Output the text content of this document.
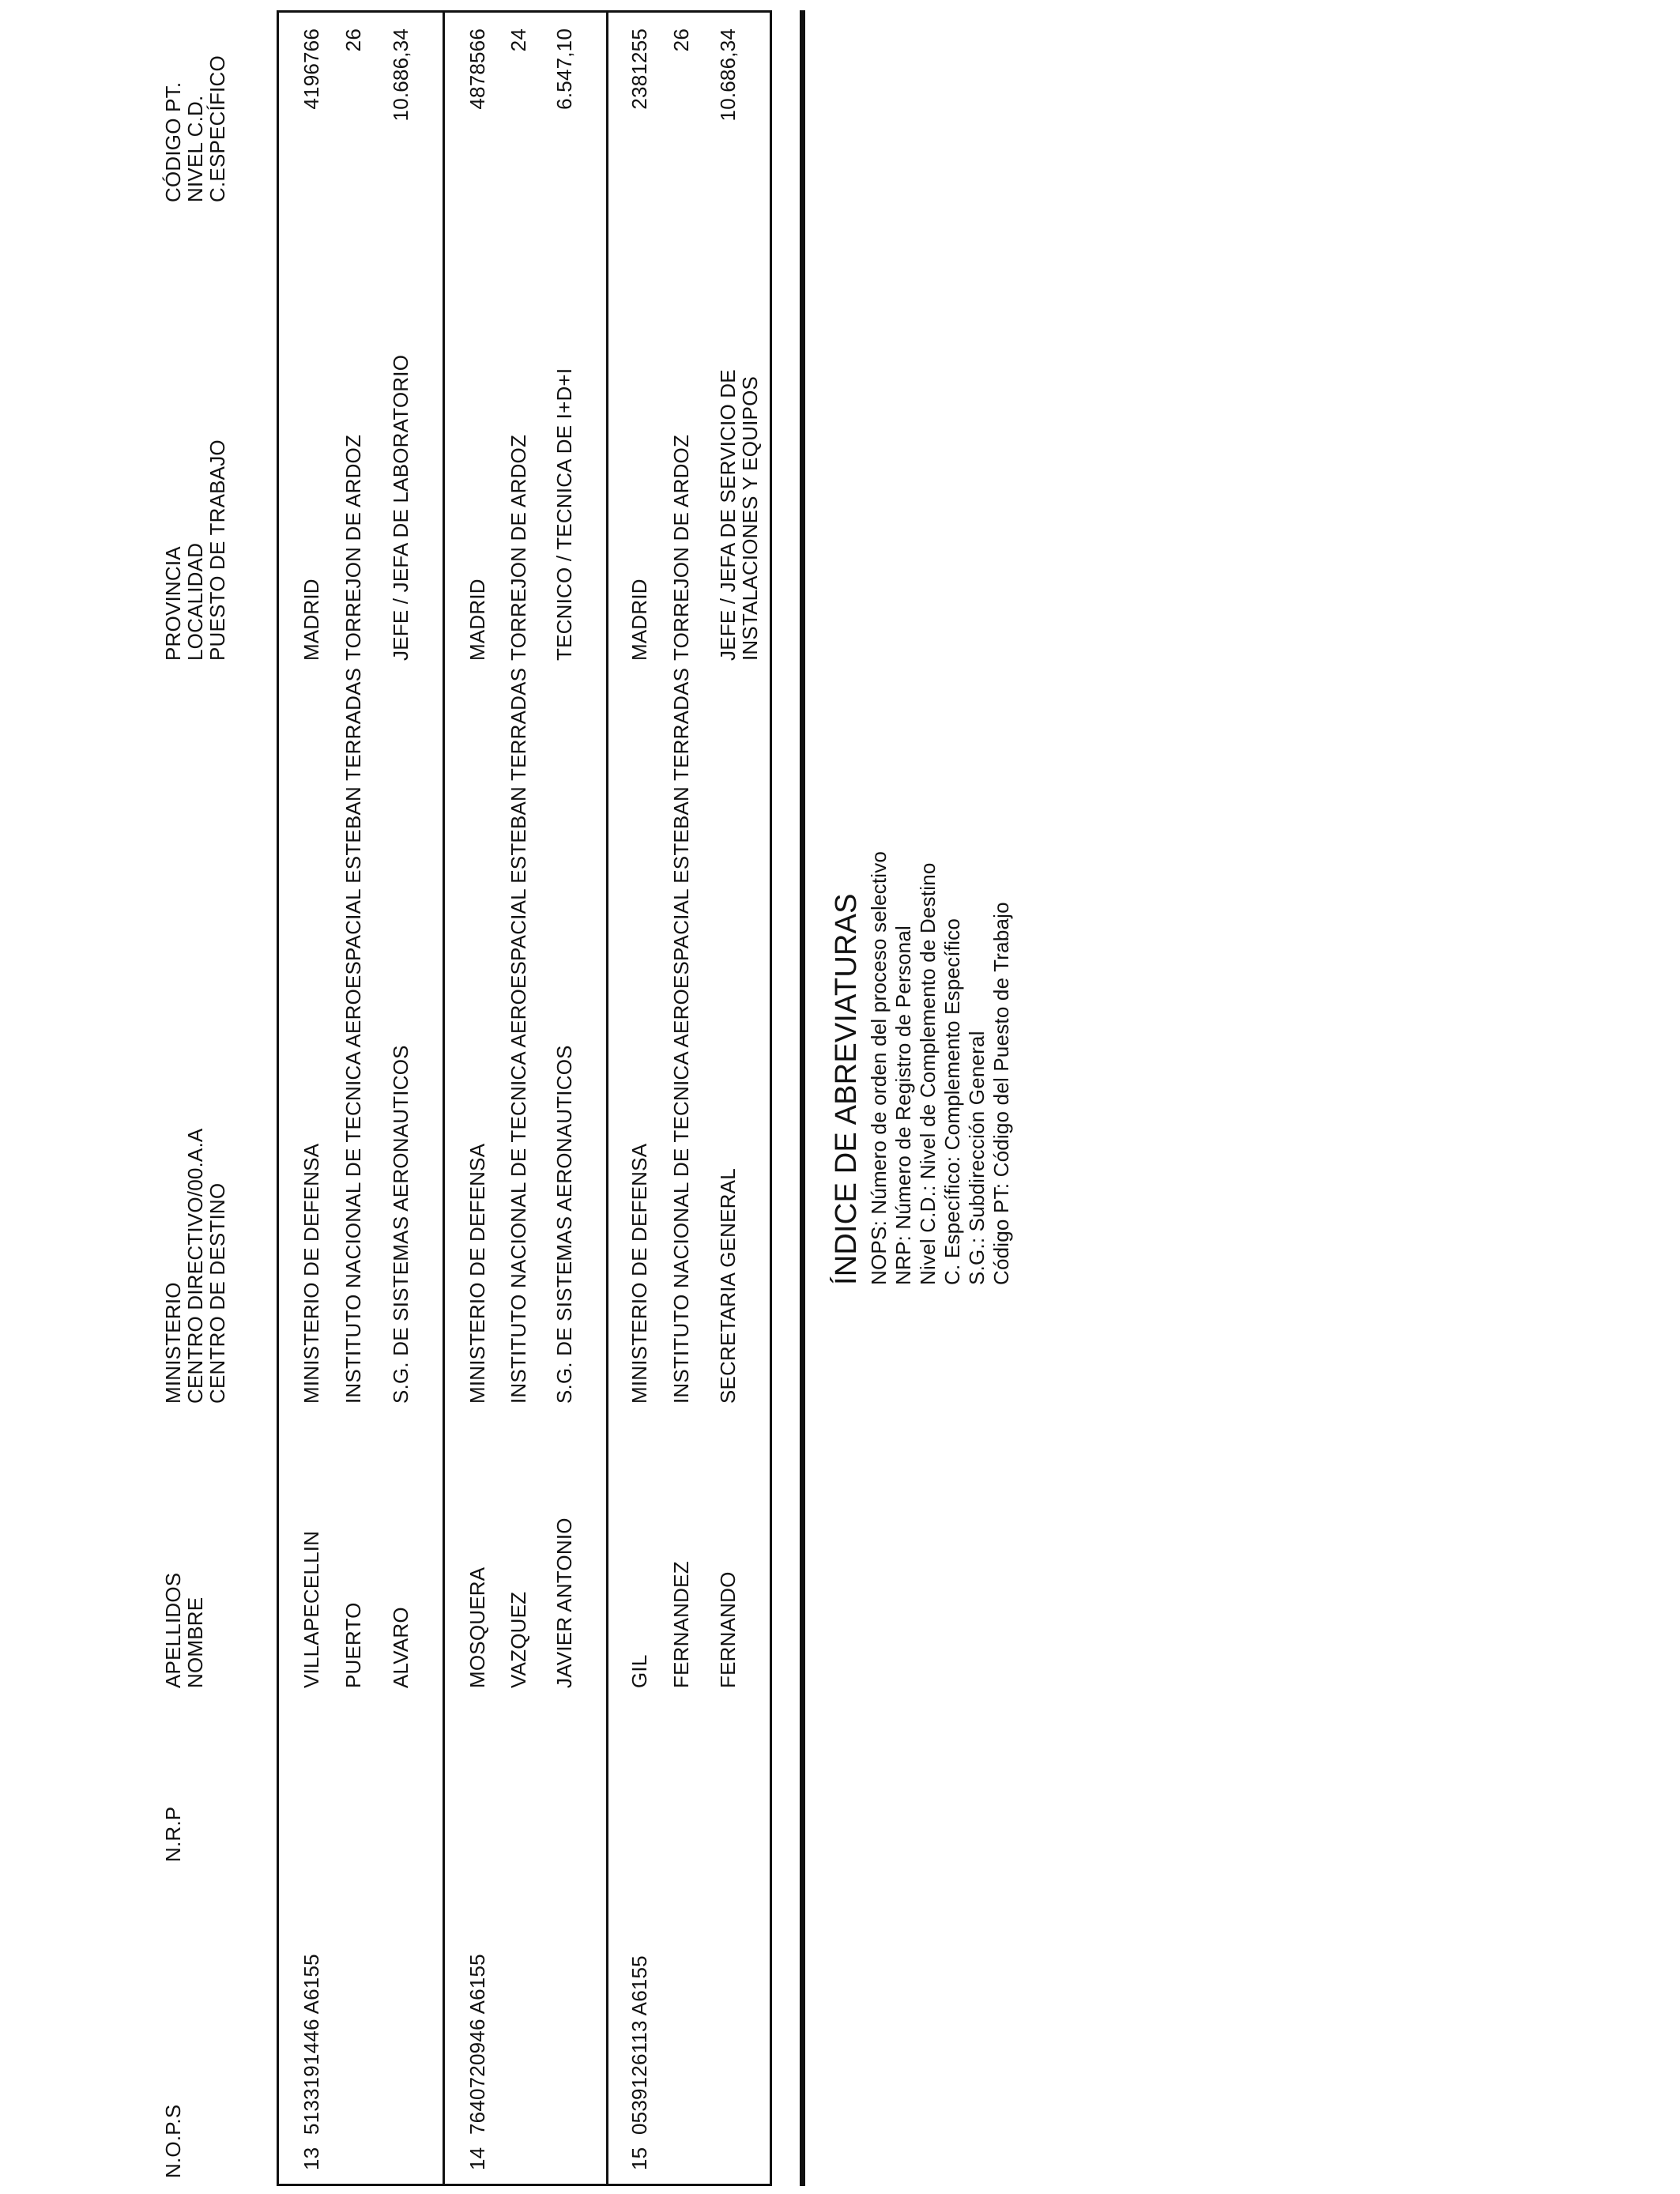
N.O.P.S
N.R.P
APELLIDOS
NOMBRE
MINISTERIO
CENTRO DIRECTIVO/00.A.A
CENTRO DE DESTINO
PROVINCIA
LOCALIDAD
PUESTO DE TRABAJO
CÓDIGO PT.
NIVEL C.D.
C.ESPECÍFICO
13
5133191446 A6155
VILLAPECELLIN PUERTO ALVARO
MINISTERIO DE DEFENSA INSTITUTO NACIONAL DE TECNICA AEROESPACIAL ESTEBAN TERRADAS S.G. DE SISTEMAS AERONAUTICOS
MADRID TORREJON DE ARDOZ JEFE / JEFA DE LABORATORIO
4196766 26 10.686,34
14
7640720946 A6155
MOSQUERA VAZQUEZ JAVIER ANTONIO
MINISTERIO DE DEFENSA INSTITUTO NACIONAL DE TECNICA AEROESPACIAL ESTEBAN TERRADAS S.G. DE SISTEMAS AERONAUTICOS
MADRID TORREJON DE ARDOZ TECNICO / TECNICA DE I+D+I
4878566 24 6.547,10
15
0539126113 A6155
GIL FERNANDEZ FERNANDO
MINISTERIO DE DEFENSA INSTITUTO NACIONAL DE TECNICA AEROESPACIAL ESTEBAN TERRADAS SECRETARIA GENERAL
MADRID TORREJON DE ARDOZ JEFE / JEFA DE SERVICIO DE
INSTALACIONES Y EQUIPOS
2381255 26 10.686,34
ÍNDICE DE ABREVIATURAS NOPS: Número de orden del proceso selectivo NRP: Número de Registro de Personal Nivel C.D.: Nivel de Complemento de Destino C. Específico: Complemento Específico S.G.: Subdirección General Código PT: Código del Puesto de Trabajo
